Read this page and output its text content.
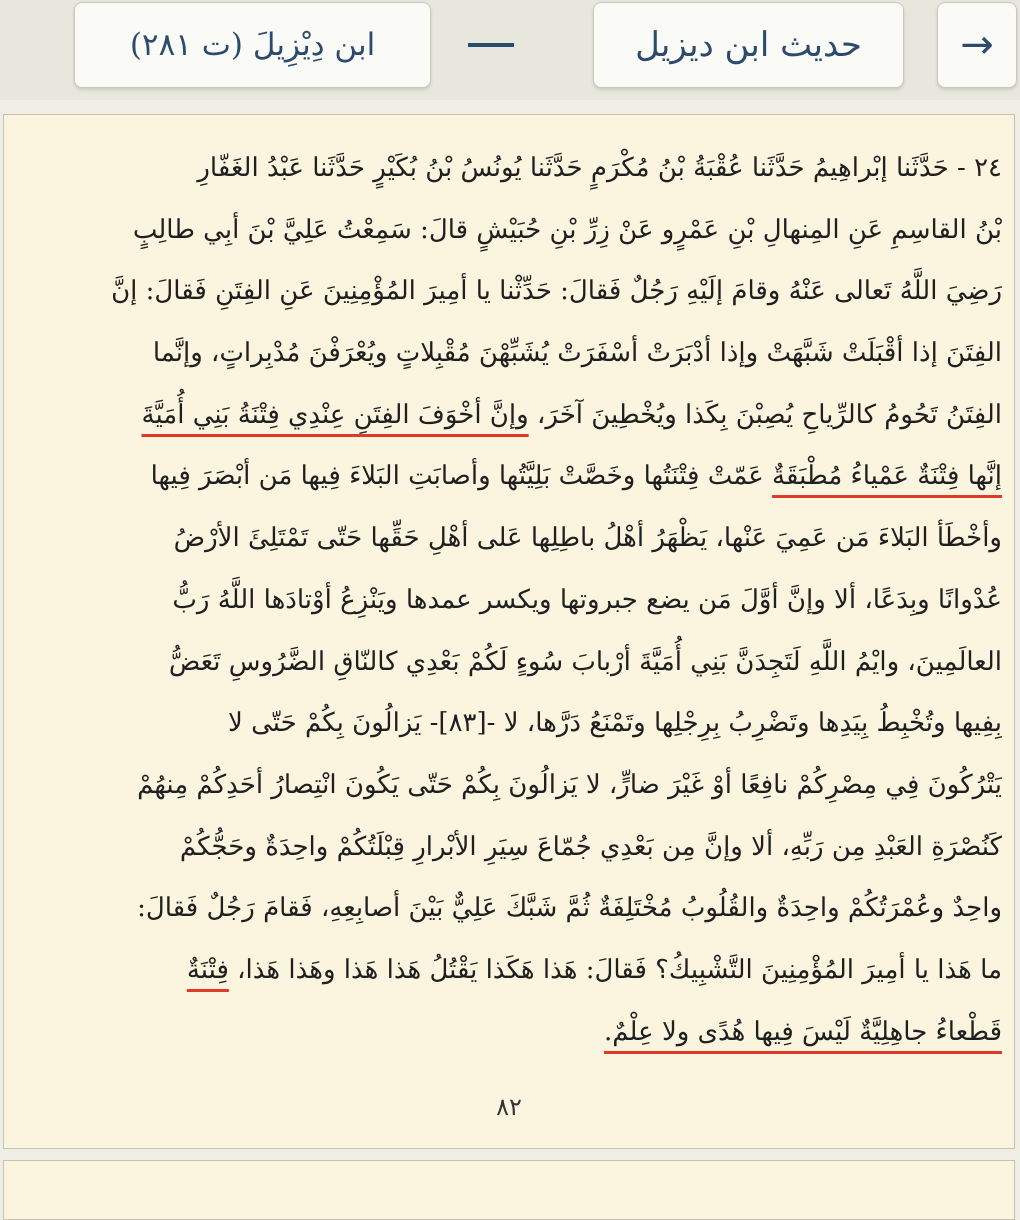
→
حديث ابن ديزيل
ابن دِيْزِيلَ (ت ٢٨١)
٢٤ - حَدَّثَنا إبْراهِيمُ حَدَّثَنا عُقْبَةُ بْنُ مُكْرَمٍ حَدَّثَنا يُونُسُ بْنُ بُكَيْرٍ حَدَّثَنا عَبْدُ الغَفّارِ
بْنُ القاسِمِ عَنِ المِنهالِ بْنِ عَمْرٍو عَنْ زِرِّ بْنِ حُبَيْشٍ قالَ: سَمِعْتُ عَلِيَّ بْنَ أبِي طالِبٍ
رَضِيَ اللَّهُ تَعالى عَنْهُ وقامَ إلَيْهِ رَجُلٌ فَقالَ: حَدِّثْنا يا أمِيرَ المُؤْمِنِينَ عَنِ الفِتَنِ فَقالَ: إنَّ
الفِتَنَ إذا أقْبَلَتْ شَبَّهَتْ وإذا أدْبَرَتْ أسْفَرَتْ يُشَبِّهْنَ مُقْبِلاتٍ ويُعْرَفْنَ مُدْبِراتٍ، وإنَّما
الفِتَنُ تَحُومُ كالرِّياحِ يُصِبْنَ بِكَذا ويُخْطِينَ آخَرَ، وإنَّ أخْوَفَ الفِتَنِ عِنْدِي فِتْنَةُ بَنِي أُمَيَّةَ
إنَّها فِتْنَةٌ عَمْياءُ مُطْبَقَةٌ عَمّتْ فِتْنَتُها وخَصَّتْ بَلِيَّتُها وأصابَتِ البَلاءَ فِيها مَن أبْصَرَ فِيها
وأخْطَأ البَلاءَ مَن عَمِيَ عَنْها، يَظْهَرُ أهْلُ باطِلِها عَلى أهْلِ حَقِّها حَتّى تَمْتَلِئَ الأرْضُ
عُدْوانًا وبِدَعًا، ألا وإنَّ أوَّلَ مَن يضع جبروتها ويكسر عمدها ويَنْزِعُ أوْتادَها اللَّهُ رَبُّ
العالَمِينَ، وايْمُ اللَّهِ لَتَجِدَنَّ بَنِي أُمَيَّةَ أرْبابَ سُوءٍ لَكُمْ بَعْدِي كالنّاقِ الضَّرُوسِ تَعَضُّ
بِفِيها وتُخْبِطُ بِيَدِها وتَضْرِبُ بِرِجْلِها وتَمْنَعُ دَرَّها، لا -[٨٣]- يَزالُونَ بِكُمْ حَتّى لا
يَتْرُكُونَ فِي مِصْرِكُمْ نافِعًا أوْ غَيْرَ ضارٍّ، لا يَزالُونَ بِكُمْ حَتّى يَكُونَ انْتِصارُ أحَدِكُمْ مِنهُمْ
كَنُصْرَةِ العَبْدِ مِن رَبِّهِ، ألا وإنَّ مِن بَعْدِي جُمّاعَ سِيَرِ الأبْرارِ قِبْلَتُكُمْ واحِدَةٌ وحَجُّكُمْ
واحِدٌ وعُمْرَتُكُمْ واحِدَةٌ والقُلُوبُ مُخْتَلِفَةٌ ثُمَّ شَبَّكَ عَلِيٌّ بَيْنَ أصابِعِهِ، فَقامَ رَجُلٌ فَقالَ:
ما هَذا يا أمِيرَ المُؤْمِنِينَ التَّشْبِيكُ؟ فَقالَ: هَذا هَكَذا يَقْتُلُ هَذا هَذا وهَذا هَذا، فِتْنَةٌ
قَطْعاءُ جاهِلِيَّةٌ لَيْسَ فِيها هُدًى ولا عِلْمٌ.
٨٢
